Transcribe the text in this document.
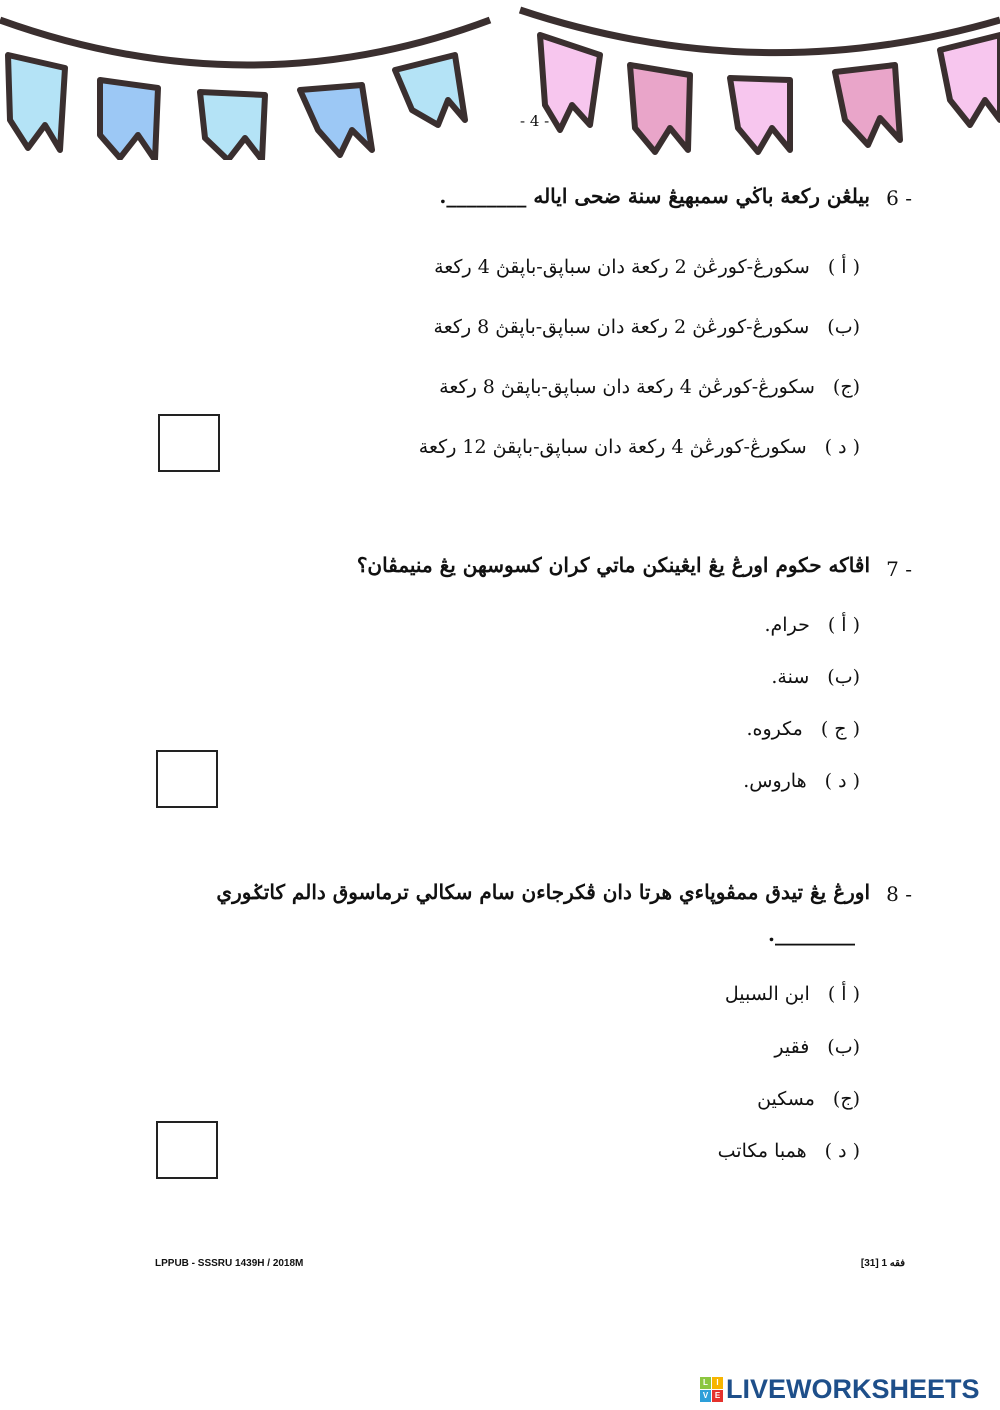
- 4 -
بيلڠن ركعة باڬي سمبهيڠ سنة ضحى اياله ________. 6 -
( أ )سكورڠ-كورڠڽ 2 ركعة دان سباڽق-باڽقڽ 4 ركعة
(ب)سكورڠ-كورڠڽ 2 ركعة دان سباڽق-باڽقڽ 8 ركعة
(ج)سكورڠ-كورڠڽ 4 ركعة دان سباڽق-باڽقڽ 8 ركعة
( د )سكورڠ-كورڠڽ 4 ركعة دان سباڽق-باڽقڽ 12 ركعة
اڤاكه حکوم اورڠ يڠ ايڠينكن ماتي كران کسوسهن يڠ منيمڤان؟ 7 -
( أ )حرام.
(ب)سنة.
( ج )مکروه.
( د )هاروس.
اورڠ يڠ تيدق ممڤوڽاءي هرتا دان ڤكرجاءن سام سكالي ترماسوق دالم كاتݢوري
________.
8 -
( أ )ابن السبيل
(ب)فقير
(ج)مسكين
( د )همبا مكاتب
LPPUB - SSSRU 1439H / 2018M	فقه 1 [31]
L	I
V E LIVEWORKSHEETS
